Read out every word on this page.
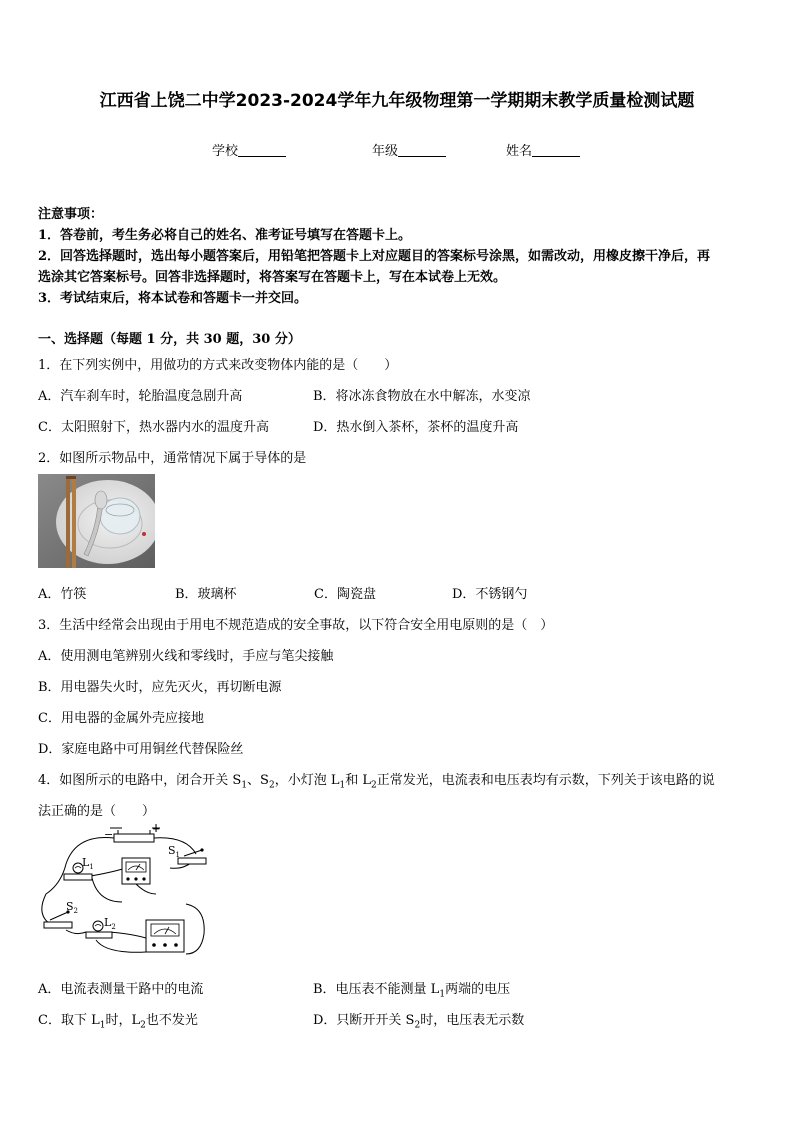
江西省上饶二中学2023-2024学年九年级物理第一学期期末教学质量检测试题
学校	年级	姓名
注意事项：
1．答卷前，考生务必将自己的姓名、准考证号填写在答题卡上。
2．回答选择题时，选出每小题答案后，用铅笔把答题卡上对应题目的答案标号涂黑，如需改动，用橡皮擦干净后，再
选涂其它答案标号。回答非选择题时，将答案写在答题卡上，写在本试卷上无效。
3．考试结束后，将本试卷和答题卡一并交回。
一、选择题（每题 1 分，共 30 题，30 分）
1．在下列实例中，用做功的方式来改变物体内能的是（　　）
A．汽车刹车时，轮胎温度急剧升高	B．将冰冻食物放在水中解冻，水变凉
C．太阳照射下，热水器内水的温度升高	D．热水倒入茶杯，茶杯的温度升高
2．如图所示物品中，通常情况下属于导体的是
A．竹筷	B．玻璃杯	C．陶瓷盘	D．不锈钢勺
3．生活中经常会出现由于用电不规范造成的安全事故，以下符合安全用电原则的是（　）
A．使用测电笔辨别火线和零线时，手应与笔尖接触
B．用电器失火时，应先灭火，再切断电源
C．用电器的金属外壳应接地
D．家庭电路中可用铜丝代替保险丝
4．如图所示的电路中，闭合开关 $S_1$、$S_2$，小灯泡 $L_1$和 $L_2$正常发光，电流表和电压表均有示数，下列关于该电路的说
法正确的是（　　）
−	+
$L_1$
$S_1$
$S_2$
$L_2$
A．电流表测量干路中的电流	B．电压表不能测量 $L_1$两端的电压
C．取下 $L_1$时，$L_2$也不发光	D．只断开开关 $S_2$时，电压表无示数
